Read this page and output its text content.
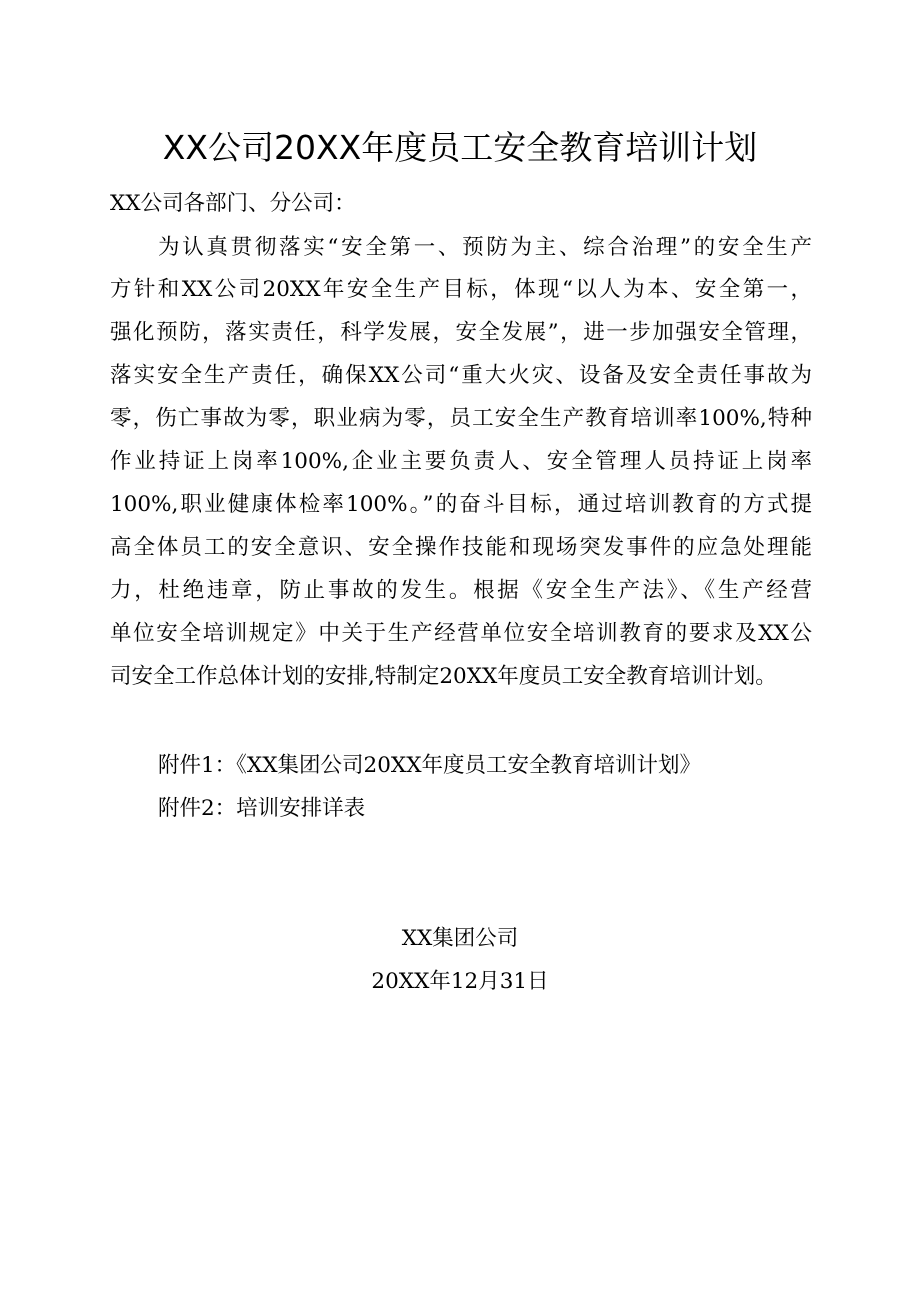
XX公司20XX年度员工安全教育培训计划
XX公司各部门、分公司：
为认真贯彻落实“安全第一、预防为主、综合治理”的安全生产
方针和XX公司20XX年安全生产目标，体现“以人为本、安全第一，
强化预防，落实责任，科学发展，安全发展”，进一步加强安全管理，
落实安全生产责任，确保XX公司“重大火灾、设备及安全责任事故为
零，伤亡事故为零，职业病为零，员工安全生产教育培训率100%,特种
作业持证上岗率100%,企业主要负责人、安全管理人员持证上岗率
100%,职业健康体检率100%。”的奋斗目标，通过培训教育的方式提
高全体员工的安全意识、安全操作技能和现场突发事件的应急处理能
力，杜绝违章，防止事故的发生。根据《安全生产法》、《生产经营
单位安全培训规定》中关于生产经营单位安全培训教育的要求及XX公
司安全工作总体计划的安排,特制定20XX年度员工安全教育培训计划。
附件1：《XX集团公司20XX年度员工安全教育培训计划》
附件2：培训安排详表
XX集团公司
20XX年12月31日
